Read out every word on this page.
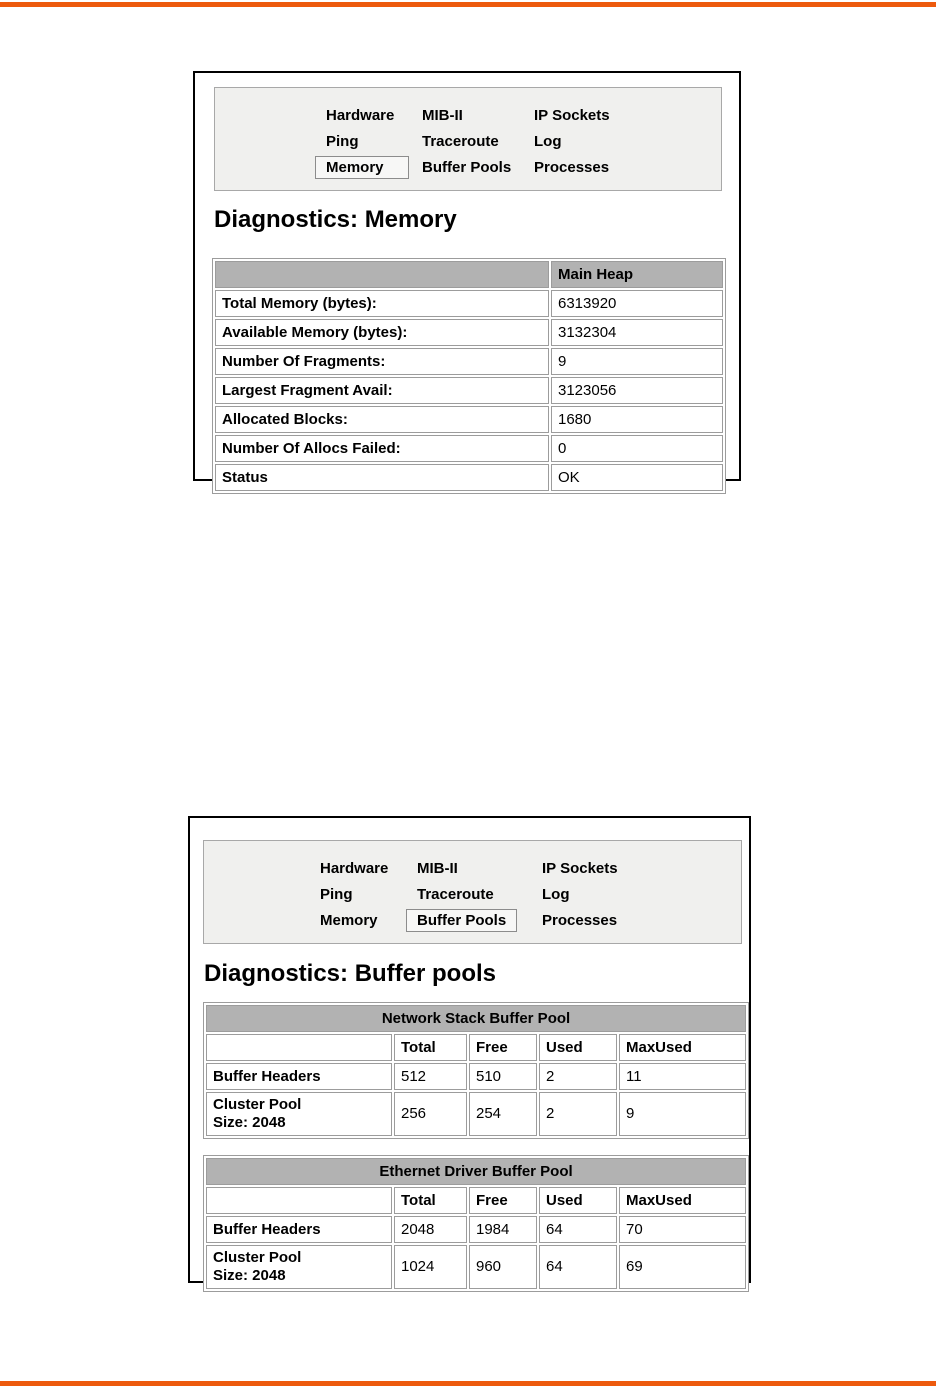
Hardware	MIB-II	IP Sockets
Ping	Traceroute	Log
Memory	Buffer Pools	Processes
Diagnostics: Memory
	Main Heap
Total Memory (bytes):	6313920
Available Memory (bytes):	3132304
Number Of Fragments:	9
Largest Fragment Avail:	3123056
Allocated Blocks:	1680
Number Of Allocs Failed:	0
Status	OK
Hardware	MIB-II	IP Sockets
Ping	Traceroute	Log
Memory	Buffer Pools	Processes
Diagnostics: Buffer pools
Network Stack Buffer Pool				
	Total	Free	Used	MaxUsed
Buffer Headers	512	510	2	11

Cluster Pool
Size: 2048	256	254	2	9
Ethernet Driver Buffer Pool				
	Total	Free	Used	MaxUsed
Buffer Headers	2048	1984	64	70

Cluster Pool
Size: 2048	1024	960	64	69
